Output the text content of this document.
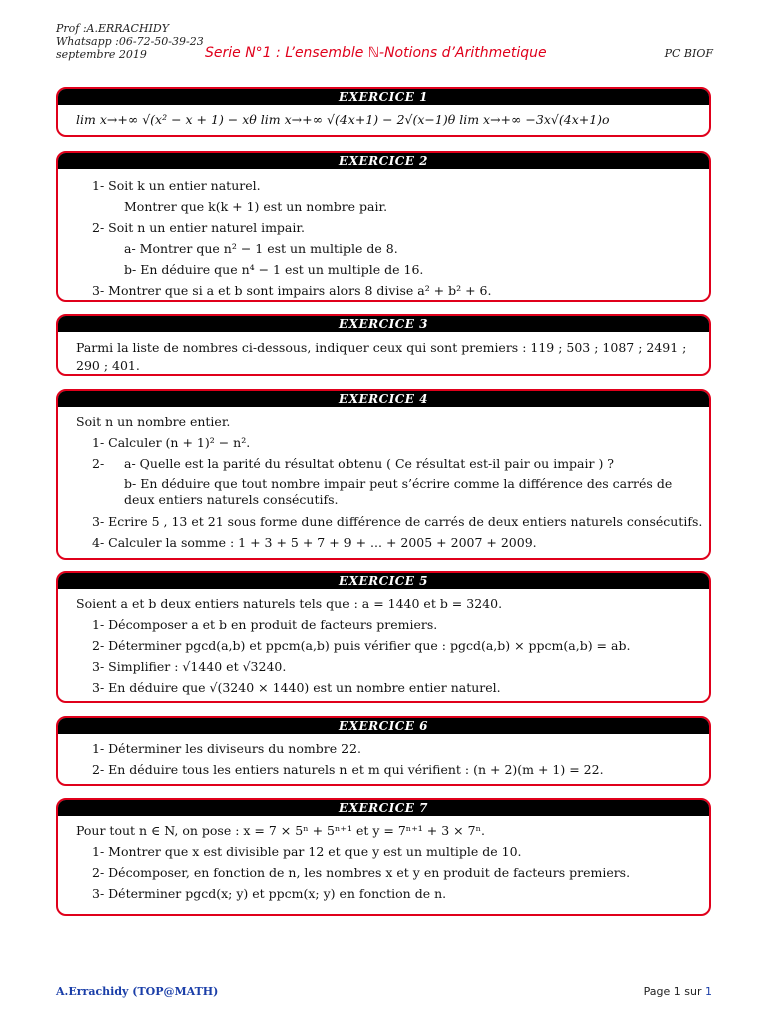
Prof :A.ERRACHIDY
Whatsapp :06-72-50-39-23
septembre 2019	Serie N°1 : L’ensemble ℕ-Notions d’Arithmetique	PC BIOF
EXERCICE 1
lim x→+∞ √(x² − x + 1) − xθ lim x→+∞ √(4x+1) − 2√(x−1)θ lim x→+∞ −3x√(4x+1)o
EXERCICE 2
1- Soit k un entier naturel.
Montrer que k(k + 1) est un nombre pair.
2- Soit n un entier naturel impair.
a- Montrer que n² − 1 est un multiple de 8.
b- En déduire que n⁴ − 1 est un multiple de 16.
3- Montrer que si a et b sont impairs alors 8 divise a² + b² + 6.
EXERCICE 3
Parmi la liste de nombres ci-dessous, indiquer ceux qui sont premiers : 119 ; 503 ; 1087 ; 2491 ; 290 ; 401.
EXERCICE 4
Soit n un nombre entier.
1- Calculer (n + 1)² − n².
2-	a- Quelle est la parité du résultat obtenu ( Ce résultat est-il pair ou impair ) ?
b- En déduire que tout nombre impair peut s’écrire comme la différence des carrés de deux entiers naturels consécutifs.
3- Ecrire 5 , 13 et 21 sous forme dune différence de carrés de deux entiers naturels consécutifs.
4- Calculer la somme : 1 + 3 + 5 + 7 + 9 + ... + 2005 + 2007 + 2009.
EXERCICE 5
Soient a et b deux entiers naturels tels que : a = 1440 et b = 3240.
1- Décomposer a et b en produit de facteurs premiers.
2- Déterminer pgcd(a,b) et ppcm(a,b) puis vérifier que : pgcd(a,b) × ppcm(a,b) = ab.
3- Simplifier : √1440 et √3240.
3- En déduire que √(3240 × 1440) est un nombre entier naturel.
EXERCICE 6
1- Déterminer les diviseurs du nombre 22.
2- En déduire tous les entiers naturels n et m qui vérifient : (n + 2)(m + 1) = 22.
EXERCICE 7
Pour tout n ∈ N, on pose : x = 7 × 5ⁿ + 5ⁿ⁺¹ et y = 7ⁿ⁺¹ + 3 × 7ⁿ.
1- Montrer que x est divisible par 12 et que y est un multiple de 10.
2- Décomposer, en fonction de n, les nombres x et y en produit de facteurs premiers.
3- Déterminer pgcd(x; y) et ppcm(x; y) en fonction de n.
A.Errachidy (TOP@MATH)	Page 1 sur 1
